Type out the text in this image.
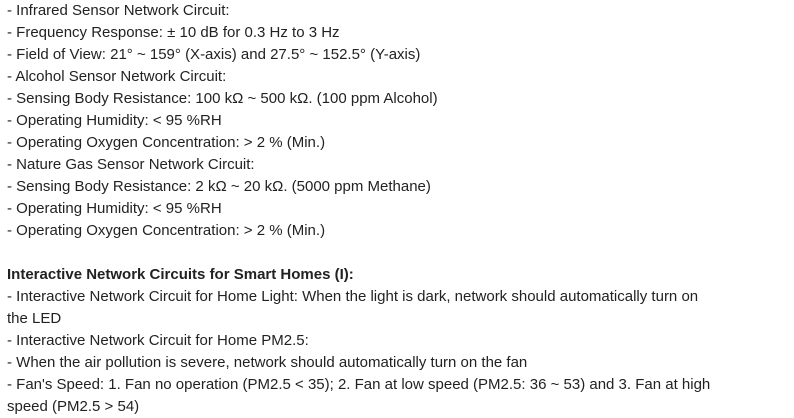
- Infrared Sensor Network Circuit:
- Frequency Response: ± 10 dB for 0.3 Hz to 3 Hz
- Field of View: 21° ~ 159° (X-axis) and 27.5° ~ 152.5° (Y-axis)
- Alcohol Sensor Network Circuit:
- Sensing Body Resistance: 100 kΩ ~ 500 kΩ. (100 ppm Alcohol)
- Operating Humidity: < 95 %RH
- Operating Oxygen Concentration: > 2 % (Min.)
- Nature Gas Sensor Network Circuit:
- Sensing Body Resistance: 2 kΩ ~ 20 kΩ. (5000 ppm Methane)
- Operating Humidity: < 95 %RH
- Operating Oxygen Concentration: > 2 % (Min.)
Interactive Network Circuits for Smart Homes (I):
- Interactive Network Circuit for Home Light: When the light is dark, network should automatically turn on
the LED
- Interactive Network Circuit for Home PM2.5:
- When the air pollution is severe, network should automatically turn on the fan
- Fan's Speed: 1. Fan no operation (PM2.5 < 35); 2. Fan at low speed (PM2.5: 36 ~ 53) and 3. Fan at high
speed (PM2.5 > 54)
